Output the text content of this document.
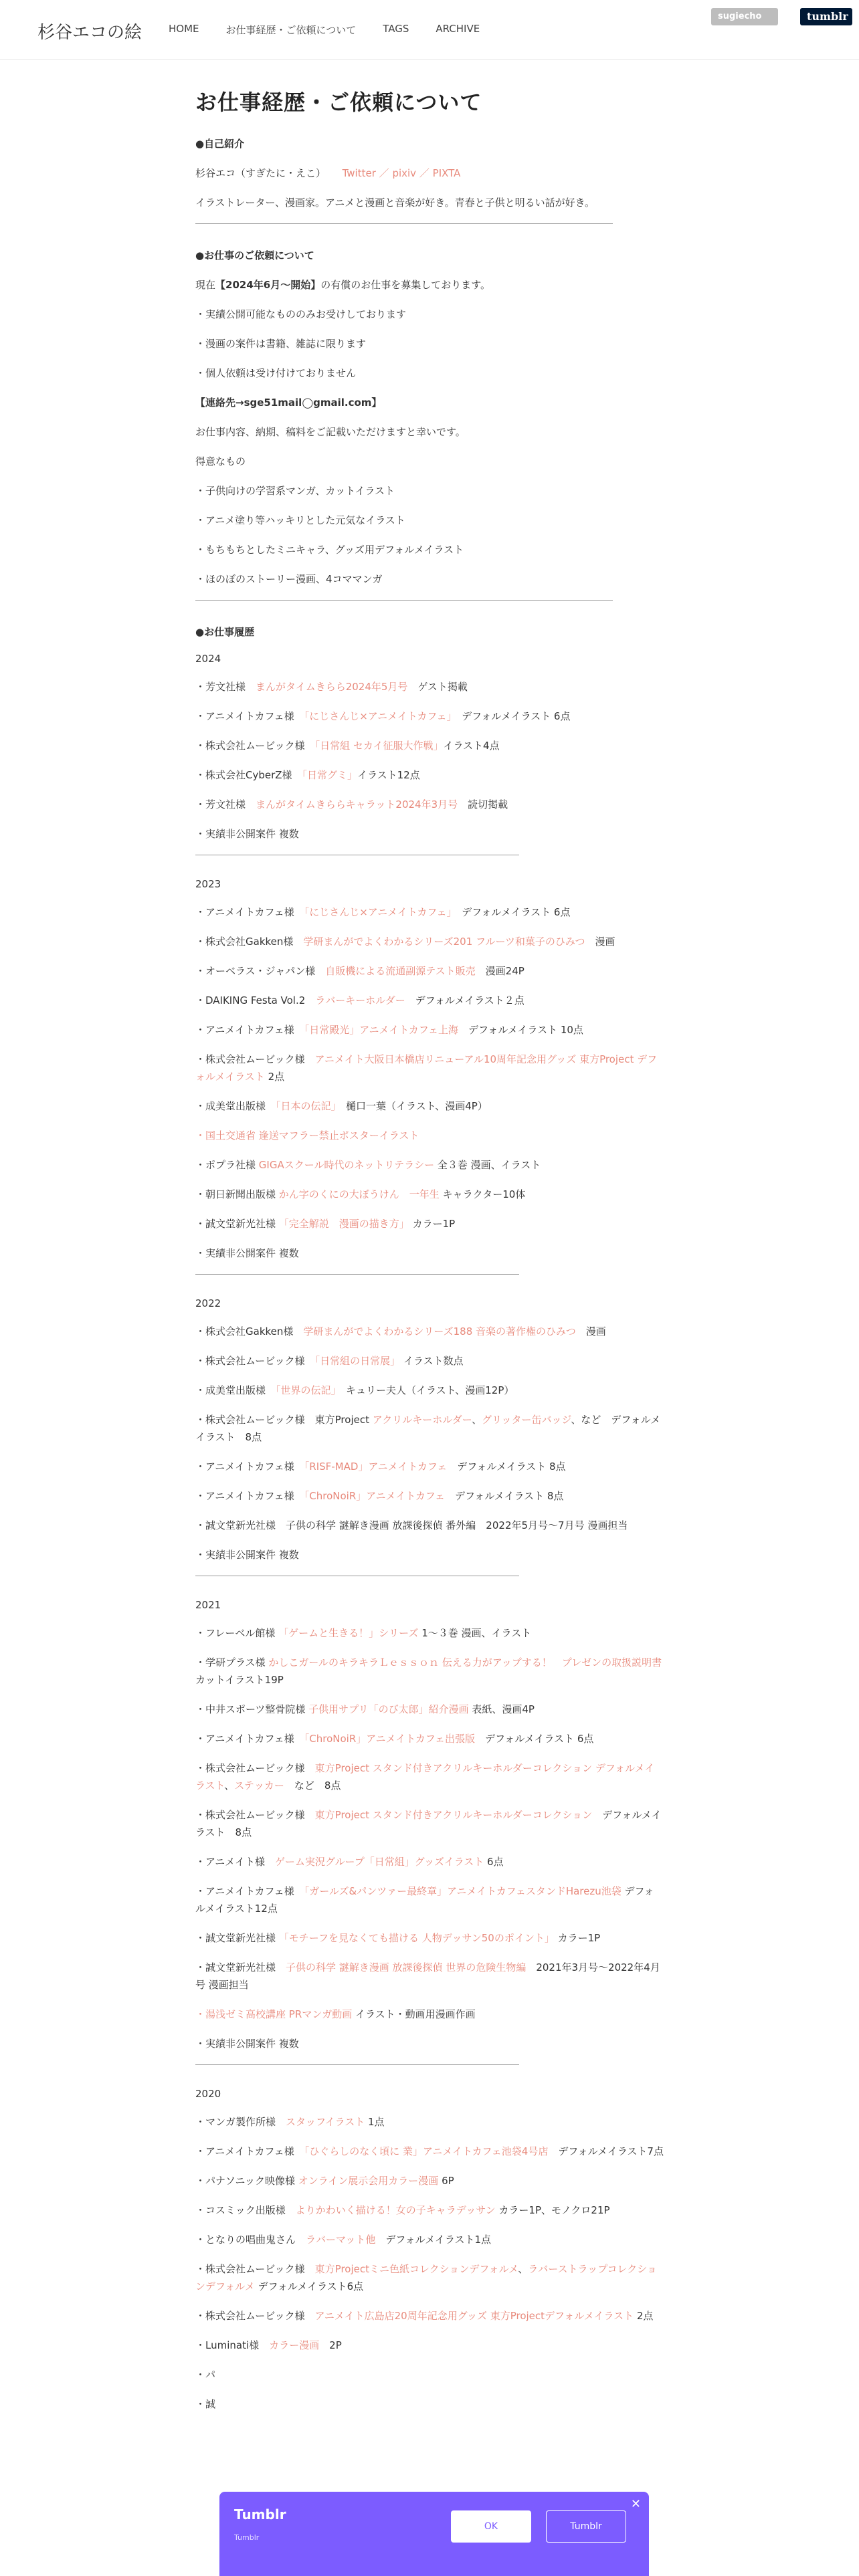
杉谷エコの絵	HOME	お仕事経歴・ご依頼について	TAGS	ARCHIVE
sugiecho	tumblr
お仕事経歴・ご依頼について
●自己紹介
杉谷エコ（すぎたに・えこ） 　 Twitter ／ pixiv ／ PIXTA
イラストレーター、漫画家。アニメと漫画と音楽が好き。青春と子供と明るい話が好き。
●お仕事のご依頼について
現在【2024年6月〜開始】の有償のお仕事を募集しております。
・実績公開可能なもののみお受けしております
・漫画の案件は書籍、雑誌に限ります
・個人依頼は受け付けておりません
【連絡先→sge51mail◯gmail.com】
お仕事内容、納期、稿料をご記載いただけますと幸いです。
得意なもの
・子供向けの学習系マンガ、カットイラスト
・アニメ塗り等ハッキリとした元気なイラスト
・もちもちとしたミニキャラ、グッズ用デフォルメイラスト
・ほのぼのストーリー漫画、4コママンガ
●お仕事履歴
2024
・芳文社様　まんがタイムきらら2024年5月号　ゲスト掲載
・アニメイトカフェ様　「にじさんじ×アニメイトカフェ」　デフォルメイラスト 6点
・株式会社ムービック様　「日常組 セカイ征服大作戦」イラスト4点
・株式会社CyberZ様　「日常グミ」イラスト12点
・芳文社様　まんがタイムきららキャラット2024年3月号　読切掲載
・実績非公開案件 複数
2023
・アニメイトカフェ様　「にじさんじ×アニメイトカフェ」　デフォルメイラスト 6点
・株式会社Gakken様　学研まんがでよくわかるシリーズ201 フルーツ和菓子のひみつ　漫画
・オーベラス・ジャパン様　自販機による流通副源テスト販売　漫画24P
・DAIKING Festa Vol.2　ラバーキーホルダー　デフォルメイラスト２点
・アニメイトカフェ様　「日常殿光」アニメイトカフェ上海　デフォルメイラスト 10点
・株式会社ムービック様　アニメイト大阪日本橋店リニューアル10周年記念用グッズ 東方Project デフォルメイラスト 2点
・成美堂出版様　「日本の伝記」　樋口一葉（イラスト、漫画4P）
・国土交通省 逢送マフラー禁止ポスターイラスト
・ポプラ社様 GIGAスクール時代のネットリテラシー 全３巻 漫画、イラスト
・朝日新聞出版様 かん字のくにの大ぼうけん　一年生 キャラクター10体
・誠文堂新光社様 「完全解説　漫画の描き方」 カラー1P
・実績非公開案件 複数
2022
・株式会社Gakken様　学研まんがでよくわかるシリーズ188 音楽の著作権のひみつ　漫画
・株式会社ムービック様　「日常組の日常展」 イラスト数点
・成美堂出版様　「世界の伝記」　キュリー夫人（イラスト、漫画12P）
・株式会社ムービック様　東方Project アクリルキーホルダー、グリッター缶バッジ、など　デフォルメイラスト　8点
・アニメイトカフェ様　「RISF-MAD」アニメイトカフェ　デフォルメイラスト 8点
・アニメイトカフェ様　「ChroNoiR」アニメイトカフェ　デフォルメイラスト 8点
・誠文堂新光社様　子供の科学 謎解き漫画 放課後探偵 番外編　2022年5月号〜7月号 漫画担当
・実績非公開案件 複数
2021
・フレーベル館様 「ゲームと生きる！」シリーズ 1〜３巻 漫画、イラスト
・学研プラス様 かしこガールのキラキラＬｅｓｓｏｎ 伝える力がアップする！　プレゼンの取扱説明書 カットイラスト19P
・中井スポーツ整骨院様 子供用サプリ「のび太郎」紹介漫画 表紙、漫画4P
・アニメイトカフェ様　「ChroNoiR」アニメイトカフェ出張版　デフォルメイラスト 6点
・株式会社ムービック様　東方Project スタンド付きアクリルキーホルダーコレクション デフォルメイラスト、ステッカー　など　8点
・株式会社ムービック様　東方Project スタンド付きアクリルキーホルダーコレクション　デフォルメイラスト　8点
・アニメイト様　ゲーム実況グループ「日常組」グッズイラスト 6点
・アニメイトカフェ様　「ガールズ&パンツァー最終章」アニメイトカフェスタンドHarezu池袋 デフォルメイラスト12点
・誠文堂新光社様 「モチーフを見なくても描ける 人物デッサン50のポイント」 カラー1P
・誠文堂新光社様　子供の科学 謎解き漫画 放課後探偵 世界の危険生物編　2021年3月号〜2022年4月号 漫画担当
・湯浅ゼミ高校講座 PRマンガ動画 イラスト・動画用漫画作画
・実績非公開案件 複数
2020
・マンガ製作所様　スタッフイラスト 1点
・アニメイトカフェ様　「ひぐらしのなく頃に 業」アニメイトカフェ池袋4号店　デフォルメイラスト7点
・パナソニック映像様 オンライン展示会用カラー漫画 6P
・コスミック出版様　よりかわいく描ける！女の子キャラデッサン カラー1P、モノクロ21P
・となりの唱曲鬼さん　ラバーマット他　デフォルメイラスト1点
・株式会社ムービック様　東方Projectミニ色紙コレクションデフォルメ、ラバーストラップコレクションデフォルメ デフォルメイラスト6点
・株式会社ムービック様　アニメイト広島店20周年記念用グッズ 東方Projectデフォルメイラスト 2点
・Luminati様　カラー漫画　2P
・パ
・誠
Tumblr
Tumblr
✕
OK	Tumblr
